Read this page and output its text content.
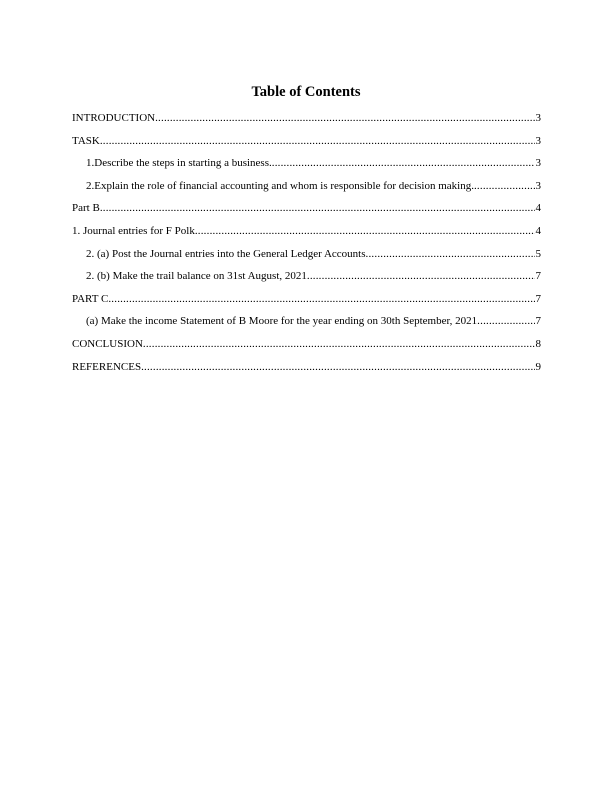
Table of Contents
INTRODUCTION .....	3
TASK .....	3
1.Describe the steps in starting a business. .....	3
2.Explain the role of financial accounting and whom is responsible for decision making. .....	3
Part B .....	4
1. Journal entries for F Polk .....	4
2. (a) Post the Journal entries into the General Ledger Accounts .....	5
2. (b) Make the trail balance on 31st August, 2021 .....	7
PART C .....	7
(a) Make the income Statement of B Moore for the year ending on 30th September, 2021 .....	7
CONCLUSION .....	8
REFERENCES .....	9
